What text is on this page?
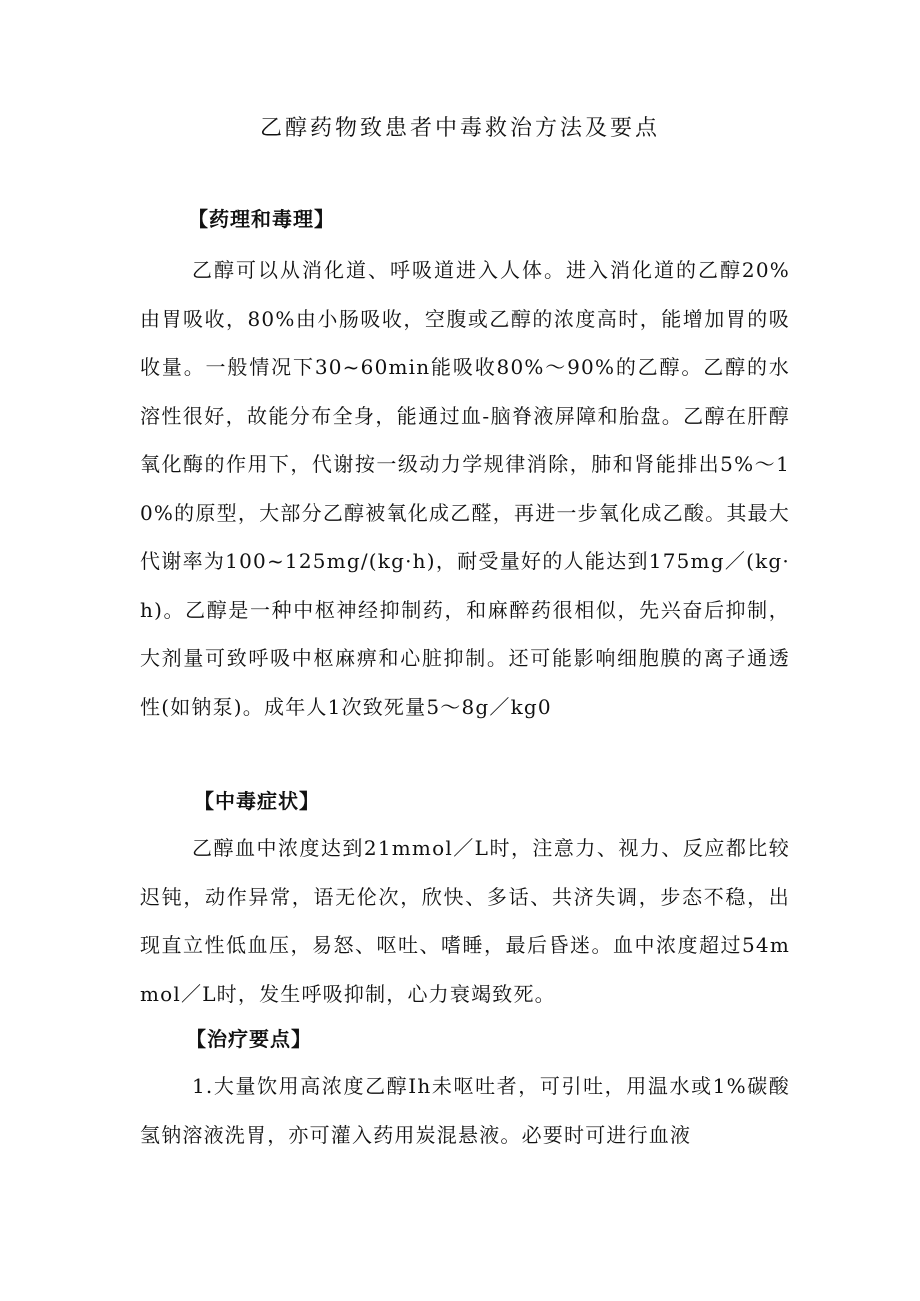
乙醇药物致患者中毒救治方法及要点
【药理和毒理】

乙醇可以从消化道、呼吸道进入人体。进入消化道的乙醇20%由胃吸收，80%由小肠吸收，空腹或乙醇的浓度高时，能增加胃的吸收量。一般情况下30~60min能吸收80%～90%的乙醇。乙醇的水溶性很好，故能分布全身，能通过血-脑脊液屏障和胎盘。乙醇在肝醇氧化酶的作用下，代谢按一级动力学规律消除，肺和肾能排出5%～10%的原型，大部分乙醇被氧化成乙醛，再进一步氧化成乙酸。其最大代谢率为100~125mg/(kg·h)，耐受量好的人能达到175mg／(kg·h)。乙醇是一种中枢神经抑制药，和麻醉药很相似，先兴奋后抑制，大剂量可致呼吸中枢麻痹和心脏抑制。还可能影响细胞膜的离子通透性(如钠泵)。成年人1次致死量5～8g／kg0

【中毒症状】

乙醇血中浓度达到21mmol／L时，注意力、视力、反应都比较迟钝，动作异常，语无伦次，欣快、多话、共济失调，步态不稳，出现直立性低血压，易怒、呕吐、嗜睡，最后昏迷。血中浓度超过54mmol／L时，发生呼吸抑制，心力衰竭致死。

【治疗要点】

1.大量饮用高浓度乙醇Ih未呕吐者，可引吐，用温水或1%碳酸氢钠溶液洗胃，亦可灌入药用炭混悬液。必要时可进行血液
